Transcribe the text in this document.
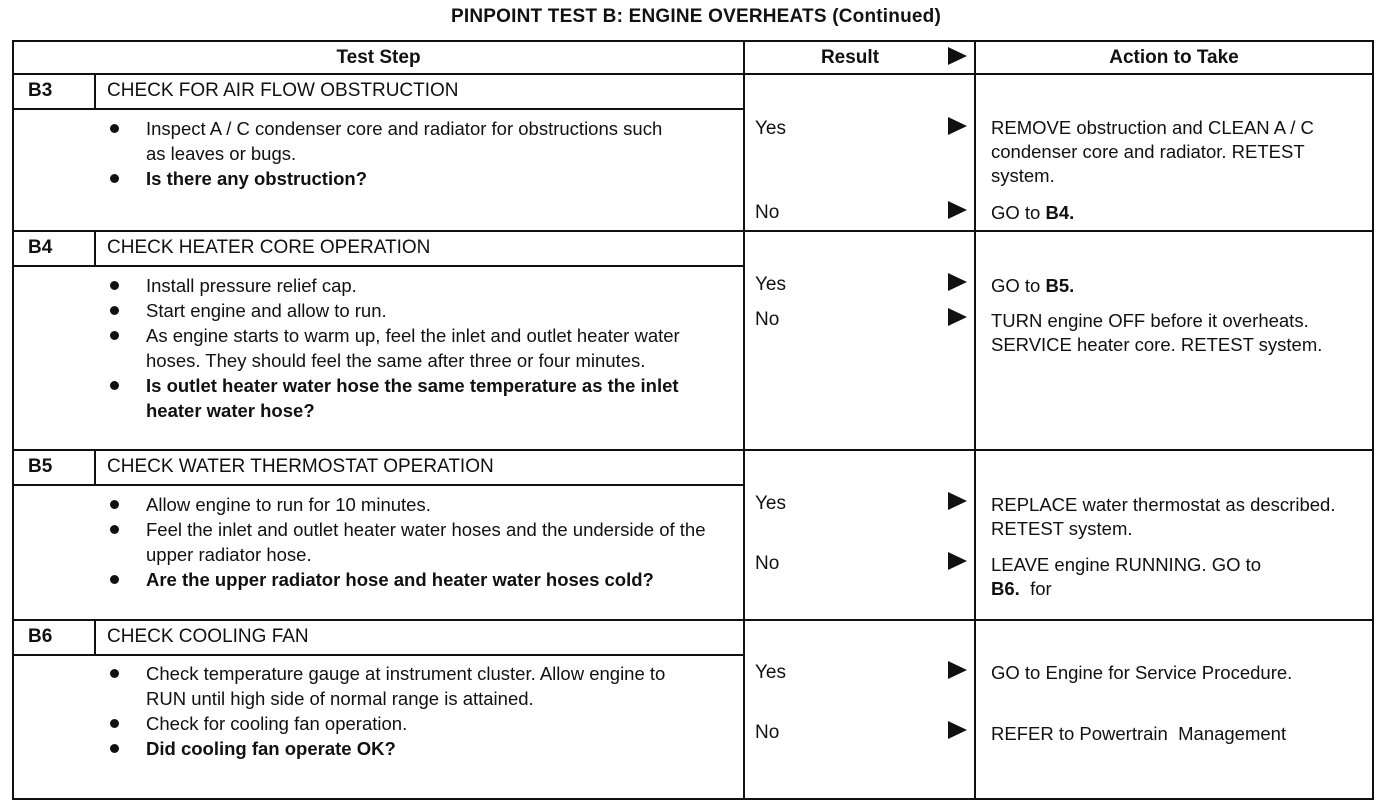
PINPOINT TEST B: ENGINE OVERHEATS (Continued)
Test Step	Result	Action to Take
B3	CHECK FOR AIR FLOW OBSTRUCTION
Inspect A / C condenser core and radiator for obstructions such as leaves or bugs.
Is there any obstruction?
Yes	REMOVE obstruction and CLEAN A / C condenser core and radiator. RETEST system.
No	GO to B4.
B4	CHECK HEATER CORE OPERATION
Install pressure relief cap.
Start engine and allow to run.
As engine starts to warm up, feel the inlet and outlet heater water hoses. They should feel the same after three or four minutes.
Is outlet heater water hose the same temperature as the inlet heater water hose?
Yes	GO to B5.
No	TURN engine OFF before it overheats. SERVICE heater core. RETEST system.
B5	CHECK WATER THERMOSTAT OPERATION
Allow engine to run for 10 minutes.
Feel the inlet and outlet heater water hoses and the underside of the upper radiator hose.
Are the upper radiator hose and heater water hoses cold?
Yes	REPLACE water thermostat as described. RETEST system.
No	LEAVE engine RUNNING. GO to
B6. for
B6	CHECK COOLING FAN
Check temperature gauge at instrument cluster. Allow engine to RUN until high side of normal range is attained.
Check for cooling fan operation.
Did cooling fan operate OK?
Yes	GO to Engine for Service Procedure.
No	REFER to Powertrain  Management
